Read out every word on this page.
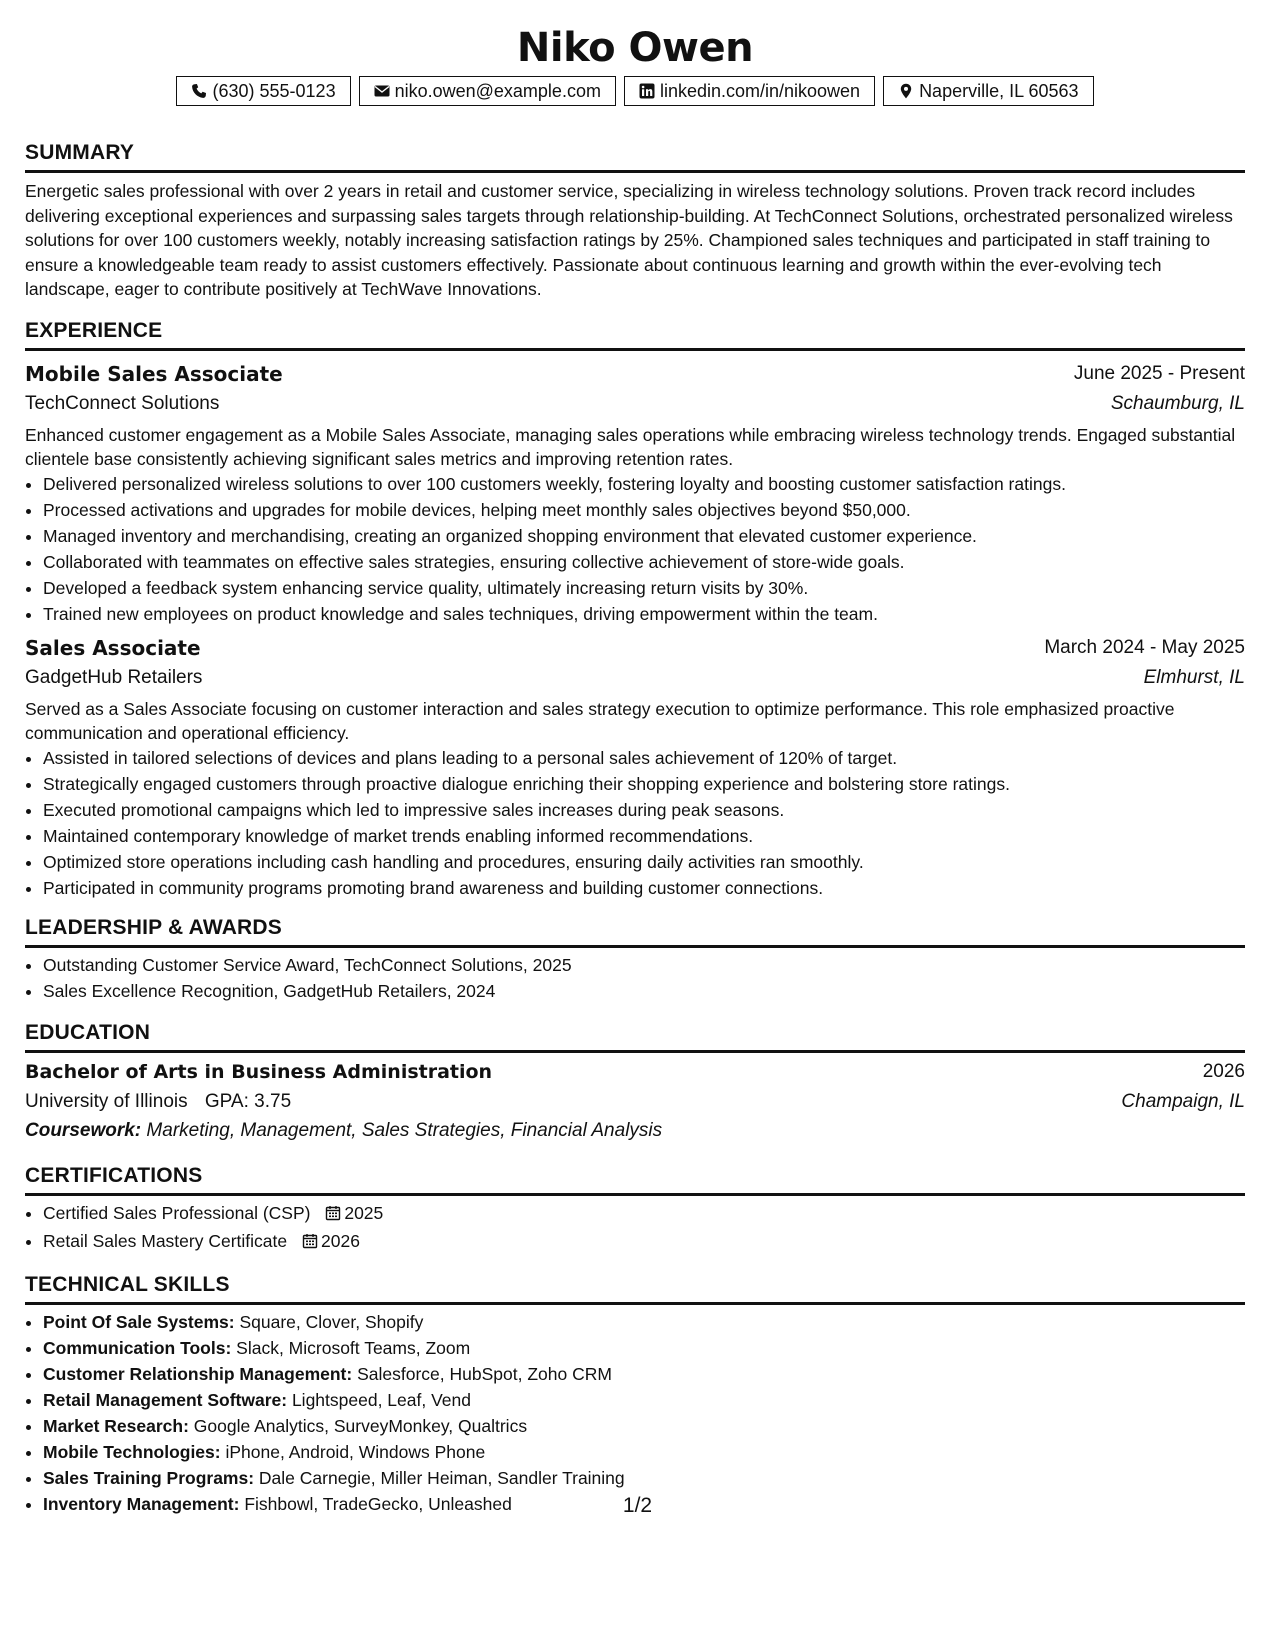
Niko Owen
(630) 555-0123	niko.owen@example.com	linkedin.com/in/nikoowen	Naperville, IL 60563
SUMMARY
Energetic sales professional with over 2 years in retail and customer service, specializing in wireless technology solutions. Proven track record includes delivering exceptional experiences and surpassing sales targets through relationship-building. At TechConnect Solutions, orchestrated personalized wireless solutions for over 100 customers weekly, notably increasing satisfaction ratings by 25%. Championed sales techniques and participated in staff training to ensure a knowledgeable team ready to assist customers effectively. Passionate about continuous learning and growth within the ever-evolving tech landscape, eager to contribute positively at TechWave Innovations.
EXPERIENCE
Mobile Sales Associate	June 2025 - Present
TechConnect Solutions	Schaumburg, IL
Enhanced customer engagement as a Mobile Sales Associate, managing sales operations while embracing wireless technology trends. Engaged substantial clientele base consistently achieving significant sales metrics and improving retention rates.
• Delivered personalized wireless solutions to over 100 customers weekly, fostering loyalty and boosting customer satisfaction ratings.
• Processed activations and upgrades for mobile devices, helping meet monthly sales objectives beyond $50,000.
• Managed inventory and merchandising, creating an organized shopping environment that elevated customer experience.
• Collaborated with teammates on effective sales strategies, ensuring collective achievement of store-wide goals.
• Developed a feedback system enhancing service quality, ultimately increasing return visits by 30%.
• Trained new employees on product knowledge and sales techniques, driving empowerment within the team.
Sales Associate	March 2024 - May 2025
GadgetHub Retailers	Elmhurst, IL
Served as a Sales Associate focusing on customer interaction and sales strategy execution to optimize performance. This role emphasized proactive communication and operational efficiency.
• Assisted in tailored selections of devices and plans leading to a personal sales achievement of 120% of target.
• Strategically engaged customers through proactive dialogue enriching their shopping experience and bolstering store ratings.
• Executed promotional campaigns which led to impressive sales increases during peak seasons.
• Maintained contemporary knowledge of market trends enabling informed recommendations.
• Optimized store operations including cash handling and procedures, ensuring daily activities ran smoothly.
• Participated in community programs promoting brand awareness and building customer connections.
LEADERSHIP & AWARDS
• Outstanding Customer Service Award, TechConnect Solutions, 2025
• Sales Excellence Recognition, GadgetHub Retailers, 2024
EDUCATION
Bachelor of Arts in Business Administration	2026
University of Illinois GPA: 3.75	Champaign, IL
Coursework: Marketing, Management, Sales Strategies, Financial Analysis
CERTIFICATIONS
• Certified Sales Professional (CSP) 2025
• Retail Sales Mastery Certificate 2026
TECHNICAL SKILLS
• Point Of Sale Systems: Square, Clover, Shopify
• Communication Tools: Slack, Microsoft Teams, Zoom
• Customer Relationship Management: Salesforce, HubSpot, Zoho CRM
• Retail Management Software: Lightspeed, Leaf, Vend
• Market Research: Google Analytics, SurveyMonkey, Qualtrics
• Mobile Technologies: iPhone, Android, Windows Phone
• Sales Training Programs: Dale Carnegie, Miller Heiman, Sandler Training
• Inventory Management: Fishbowl, TradeGecko, Unleashed	1/2
